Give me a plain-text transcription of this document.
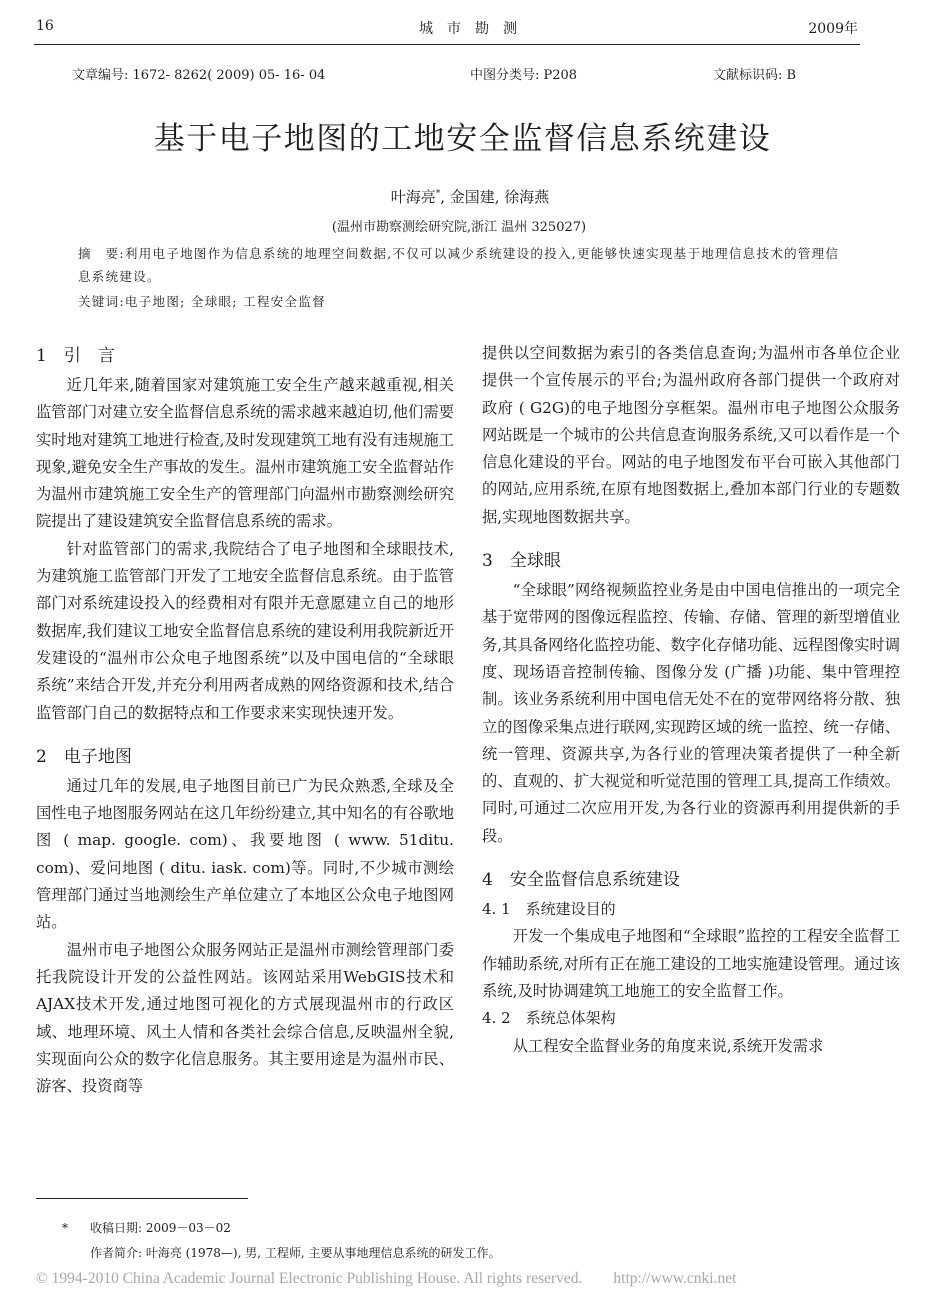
16	城市勘测	2009年
文章编号: 1672- 8262( 2009) 05- 16- 04	中图分类号: P208	文献标识码: B
基于电子地图的工地安全监督信息系统建设
叶海亮*, 金国建, 徐海燕
(温州市勘察测绘研究院,浙江 温州 325027)
摘　要:利用电子地图作为信息系统的地理空间数据,不仅可以减少系统建设的投入,更能够快速实现基于地理信息技术的管理信息系统建设。
关键词:电子地图; 全球眼; 工程安全监督
1　引　言

近几年来,随着国家对建筑施工安全生产越来越重视,相关监管部门对建立安全监督信息系统的需求越来越迫切,他们需要实时地对建筑工地进行检查,及时发现建筑工地有没有违规施工现象,避免安全生产事故的发生。温州市建筑施工安全监督站作为温州市建筑施工安全生产的管理部门向温州市勘察测绘研究院提出了建设建筑安全监督信息系统的需求。

针对监管部门的需求,我院结合了电子地图和全球眼技术,为建筑施工监管部门开发了工地安全监督信息系统。由于监管部门对系统建设投入的经费相对有限并无意愿建立自己的地形数据库,我们建议工地安全监督信息系统的建设利用我院新近开发建设的“温州市公众电子地图系统”以及中国电信的“全球眼系统”来结合开发,并充分利用两者成熟的网络资源和技术,结合监管部门自己的数据特点和工作要求来实现快速开发。

2　电子地图

通过几年的发展,电子地图目前已广为民众熟悉,全球及全国性电子地图服务网站在这几年纷纷建立,其中知名的有谷歌地图 ( map. google. com)、我要地图 ( www. 51ditu. com)、爱问地图 ( ditu. iask. com)等。同时,不少城市测绘管理部门通过当地测绘生产单位建立了本地区公众电子地图网站。

温州市电子地图公众服务网站正是温州市测绘管理部门委托我院设计开发的公益性网站。该网站采用WebGIS技术和AJAX技术开发,通过地图可视化的方式展现温州市的行政区域、地理环境、风土人情和各类社会综合信息,反映温州全貌,实现面向公众的数字化信息服务。其主要用途是为温州市民、游客、投资商等

提供以空间数据为索引的各类信息查询;为温州市各单位企业提供一个宣传展示的平台;为温州政府各部门提供一个政府对政府 ( G2G)的电子地图分享框架。温州市电子地图公众服务网站既是一个城市的公共信息查询服务系统,又可以看作是一个信息化建设的平台。网站的电子地图发布平台可嵌入其他部门的网站,应用系统,在原有地图数据上,叠加本部门行业的专题数据,实现地图数据共享。

3　全球眼

“全球眼”网络视频监控业务是由中国电信推出的一项完全基于宽带网的图像远程监控、传输、存储、管理的新型增值业务,其具备网络化监控功能、数字化存储功能、远程图像实时调度、现场语音控制传输、图像分发 (广播 )功能、集中管理控制。该业务系统利用中国电信无处不在的宽带网络将分散、独立的图像采集点进行联网,实现跨区域的统一监控、统一存储、统一管理、资源共享,为各行业的管理决策者提供了一种全新的、直观的、扩大视觉和听觉范围的管理工具,提高工作绩效。同时,可通过二次应用开发,为各行业的资源再利用提供新的手段。

4　安全监督信息系统建设
4. 1　系统建设目的

开发一个集成电子地图和“全球眼”监控的工程安全监督工作辅助系统,对所有正在施工建设的工地实施建设管理。通过该系统,及时协调建筑工地施工的安全监督工作。

4. 2　系统总体架构

从工程安全监督业务的角度来说,系统开发需求

* 收稿日期: 2009－03－02
作者简介: 叶海亮 (1978—), 男, 工程师, 主要从事地理信息系统的研发工作。
© 1994-2010 China Academic Journal Electronic Publishing House. All rights reserved.　　http://www.cnki.net
